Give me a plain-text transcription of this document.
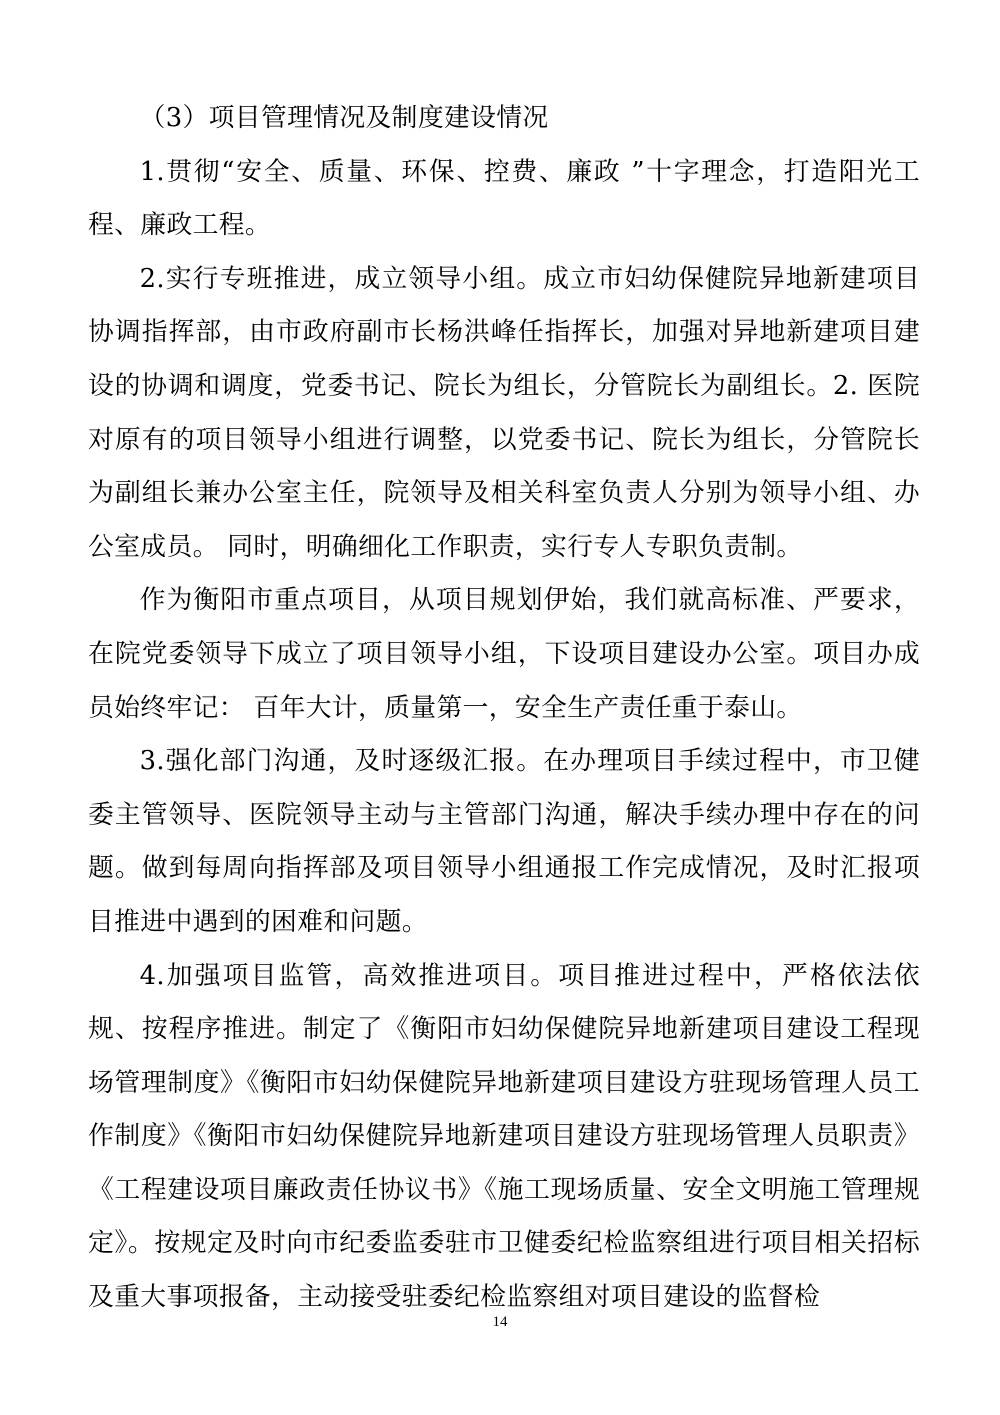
（3）项目管理情况及制度建设情况

1.贯彻“安全、质量、环保、控费、廉政 ”十字理念，打造阳光工程、廉政工程。

2.实行专班推进，成立领导小组。成立市妇幼保健院异地新建项目协调指挥部，由市政府副市长杨洪峰任指挥长，加强对异地新建项目建设的协调和调度，党委书记、院长为组长，分管院长为副组长。2. 医院对原有的项目领导小组进行调整，以党委书记、院长为组长，分管院长为副组长兼办公室主任，院领导及相关科室负责人分别为领导小组、办公室成员。 同时，明确细化工作职责，实行专人专职负责制。

作为衡阳市重点项目，从项目规划伊始，我们就高标准、严要求，在院党委领导下成立了项目领导小组，下设项目建设办公室。项目办成员始终牢记： 百年大计，质量第一，安全生产责任重于泰山。

3.强化部门沟通，及时逐级汇报。在办理项目手续过程中，市卫健委主管领导、医院领导主动与主管部门沟通，解决手续办理中存在的问题。做到每周向指挥部及项目领导小组通报工作完成情况，及时汇报项目推进中遇到的困难和问题。

4.加强项目监管，高效推进项目。项目推进过程中，严格依法依规、按程序推进。制定了《衡阳市妇幼保健院异地新建项目建设工程现场管理制度》《衡阳市妇幼保健院异地新建项目建设方驻现场管理人员工作制度》《衡阳市妇幼保健院异地新建项目建设方驻现场管理人员职责》《工程建设项目廉政责任协议书》《施工现场质量、安全文明施工管理规定》。按规定及时向市纪委监委驻市卫健委纪检监察组进行项目相关招标及重大事项报备，主动接受驻委纪检监察组对项目建设的监督检

14
